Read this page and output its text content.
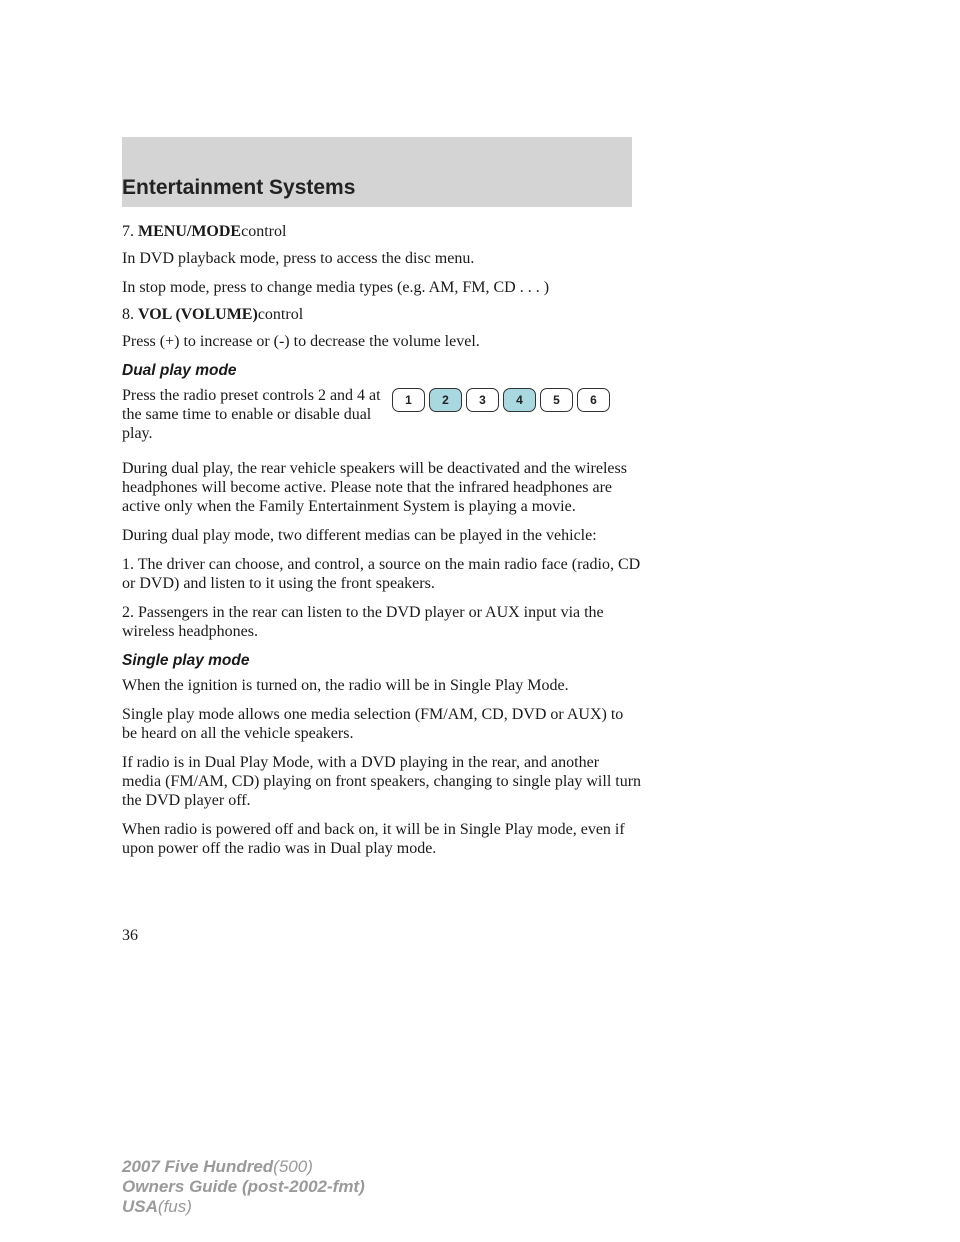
Entertainment Systems

7. MENU/MODEcontrol

In DVD playback mode, press to access the disc menu.

In stop mode, press to change media types (e.g. AM, FM, CD . . . )

8. VOL (VOLUME)control

Press (+) to increase or (-) to decrease the volume level.

Dual play mode

Press the radio preset controls 2 and 4 at the same time to enable or disable dual play.

1	2	3	4	5	6

During dual play, the rear vehicle speakers will be deactivated and the wireless headphones will become active. Please note that the infrared headphones are active only when the Family Entertainment System is playing a movie.

During dual play mode, two different medias can be played in the vehicle:

1. The driver can choose, and control, a source on the main radio face (radio, CD or DVD) and listen to it using the front speakers.

2. Passengers in the rear can listen to the DVD player or AUX input via the wireless headphones.

Single play mode

When the ignition is turned on, the radio will be in Single Play Mode.

Single play mode allows one media selection (FM/AM, CD, DVD or AUX) to be heard on all the vehicle speakers.

If radio is in Dual Play Mode, with a DVD playing in the rear, and another media (FM/AM, CD) playing on front speakers, changing to single play will turn the DVD player off.

When radio is powered off and back on, it will be in Single Play mode, even if upon power off the radio was in Dual play mode.

36
2007 Five Hundred(500)
Owners Guide (post-2002-fmt)
USA(fus)
